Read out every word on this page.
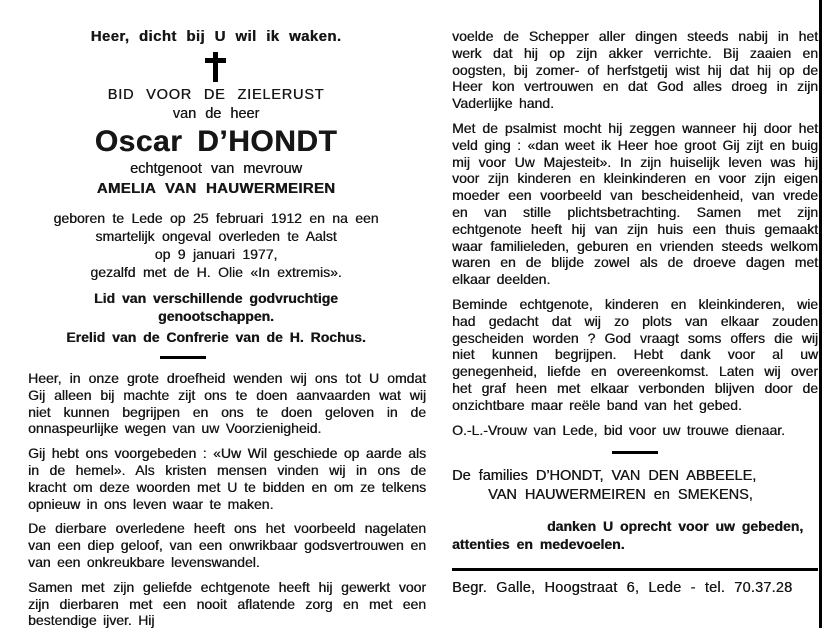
Heer, dicht bij U wil ik waken.
BID VOOR DE ZIELERUST
van de heer
Oscar D’HONDT
echtgenoot van mevrouw
AMELIA VAN HAUWERMEIREN
geboren te Lede op 25 februari 1912 en na een
smartelijk ongeval overleden te Aalst
op 9 januari 1977,
gezalfd met de H. Olie «In extremis».
Lid van verschillende godvruchtige genootschappen.
Erelid van de Confrerie van de H. Rochus.

Heer, in onze grote droefheid wenden wij ons tot U omdat Gij alleen bij machte zijt ons te doen aanvaarden wat wij niet kunnen begrijpen en ons te doen geloven in de onnaspeurlijke wegen van uw Voorzienigheid.

Gij hebt ons voorgebeden : «Uw Wil geschiede op aarde als in de hemel». Als kristen mensen vinden wij in ons de kracht om deze woorden met U te bidden en om ze telkens opnieuw in ons leven waar te maken.

De dierbare overledene heeft ons het voorbeeld nagelaten van een diep geloof, van een onwrikbaar godsvertrouwen en van een onkreukbare levenswandel.

Samen met zijn geliefde echtgenote heeft hij gewerkt voor zijn dierbaren met een nooit aflatende zorg en met een bestendige ijver. Hij

voelde de Schepper aller dingen steeds nabij in het werk dat hij op zijn akker verrichte. Bij zaaien en oogsten, bij zomer- of herfstgetij wist hij dat hij op de Heer kon vertrouwen en dat God alles droeg in zijn Vaderlijke hand.

Met de psalmist mocht hij zeggen wanneer hij door het veld ging : «dan weet ik Heer hoe groot Gij zijt en buig mij voor Uw Majesteit». In zijn huiselijk leven was hij voor zijn kinderen en kleinkinderen en voor zijn eigen moeder een voorbeeld van bescheidenheid, van vrede en van stille plichtsbetrachting. Samen met zijn echtgenote heeft hij van zijn huis een thuis gemaakt waar familieleden, geburen en vrienden steeds welkom waren en de blijde zowel als de droeve dagen met elkaar deelden.

Beminde echtgenote, kinderen en kleinkinderen, wie had gedacht dat wij zo plots van elkaar zouden gescheiden worden ? God vraagt soms offers die wij niet kunnen begrijpen. Hebt dank voor al uw genegenheid, liefde en overeenkomst. Laten wij over het graf heen met elkaar verbonden blijven door de onzichtbare maar reële band van het gebed.

O.-L.-Vrouw van Lede, bid voor uw trouwe dienaar.

De families D’HONDT, VAN DEN ABBEELE,
VAN HAUWERMEIREN en SMEKENS,

danken U oprecht voor uw gebeden, attenties en medevoelen.

Begr. Galle, Hoogstraat 6, Lede - tel. 70.37.28
